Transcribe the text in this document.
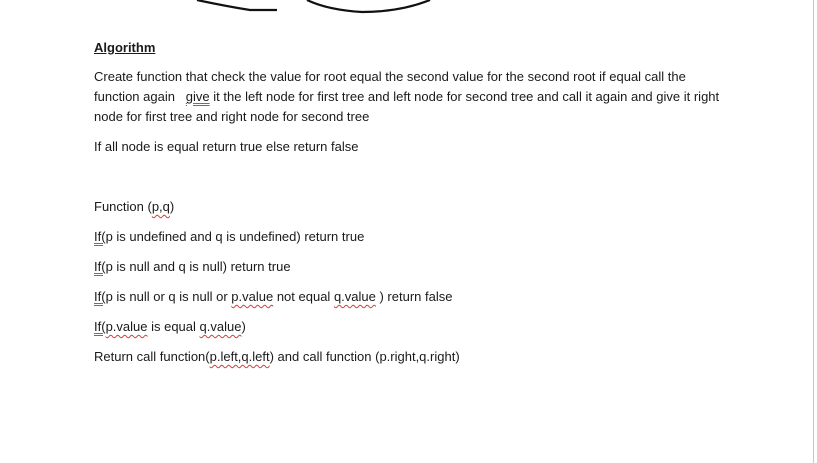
Algorithm

Create function that check the value for root equal the second value for the second root if equal call the function again give it the left node for first tree and left node for second tree and call it again and give it right node for first tree and right node for second tree

If all node is equal return true else return false

Function (p,q)
If(p is undefined and q is undefined) return true
If(p is null and q is null) return true
If(p is null or q is null or p.value not equal q.value ) return false
If(p.value is equal q.value)
Return call function(p.left,q.left) and call function (p.right,q.right)
